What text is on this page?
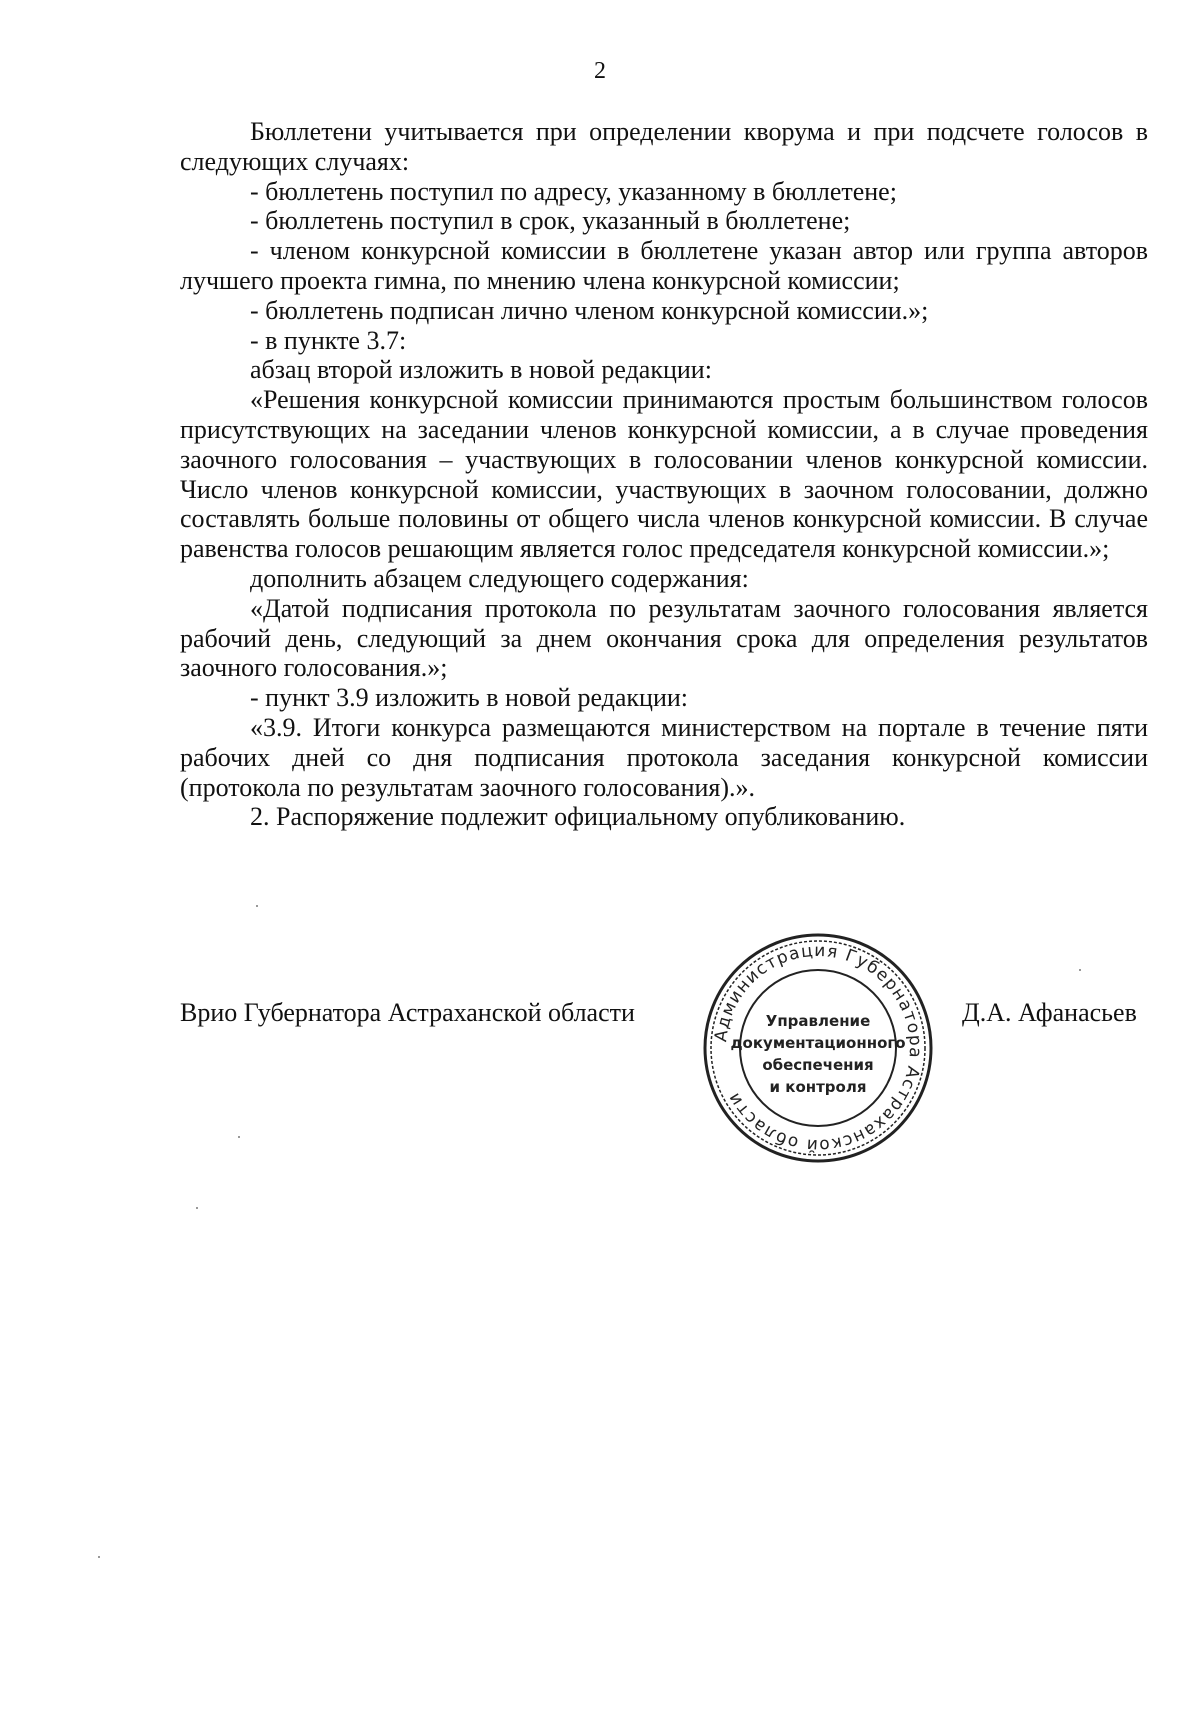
2

Бюллетени учитывается при определении кворума и при подсчете голосов в следующих случаях:

- бюллетень поступил по адресу, указанному в бюллетене;

- бюллетень поступил в срок, указанный в бюллетене;

- членом конкурсной комиссии в бюллетене указан автор или группа авторов лучшего проекта гимна, по мнению члена конкурсной комиссии;

- бюллетень подписан лично членом конкурсной комиссии.»;

- в пункте 3.7:

абзац второй изложить в новой редакции:

«Решения конкурсной комиссии принимаются простым большинством голосов присутствующих на заседании членов конкурсной комиссии, а в случае проведения заочного голосования – участвующих в голосовании членов конкурсной комиссии. Число членов конкурсной комиссии, участвующих в заочном голосовании, должно составлять больше половины от общего числа членов конкурсной комиссии. В случае равенства голосов решающим является голос председателя конкурсной комиссии.»;

дополнить абзацем следующего содержания:

«Датой подписания протокола по результатам заочного голосования является рабочий день, следующий за днем окончания срока для определения результатов заочного голосования.»;

- пункт 3.9 изложить в новой редакции:

«3.9. Итоги конкурса размещаются министерством на портале в течение пяти рабочих дней со дня подписания протокола заседания конкурсной комиссии (протокола по результатам заочного голосования).».

2. Распоряжение подлежит официальному опубликованию.

Врио Губернатора Астраханской области	Д.А. Афанасьев
Администрация Губернатора Астраханской области
Управление
документационного
обеспечения
и контроля
